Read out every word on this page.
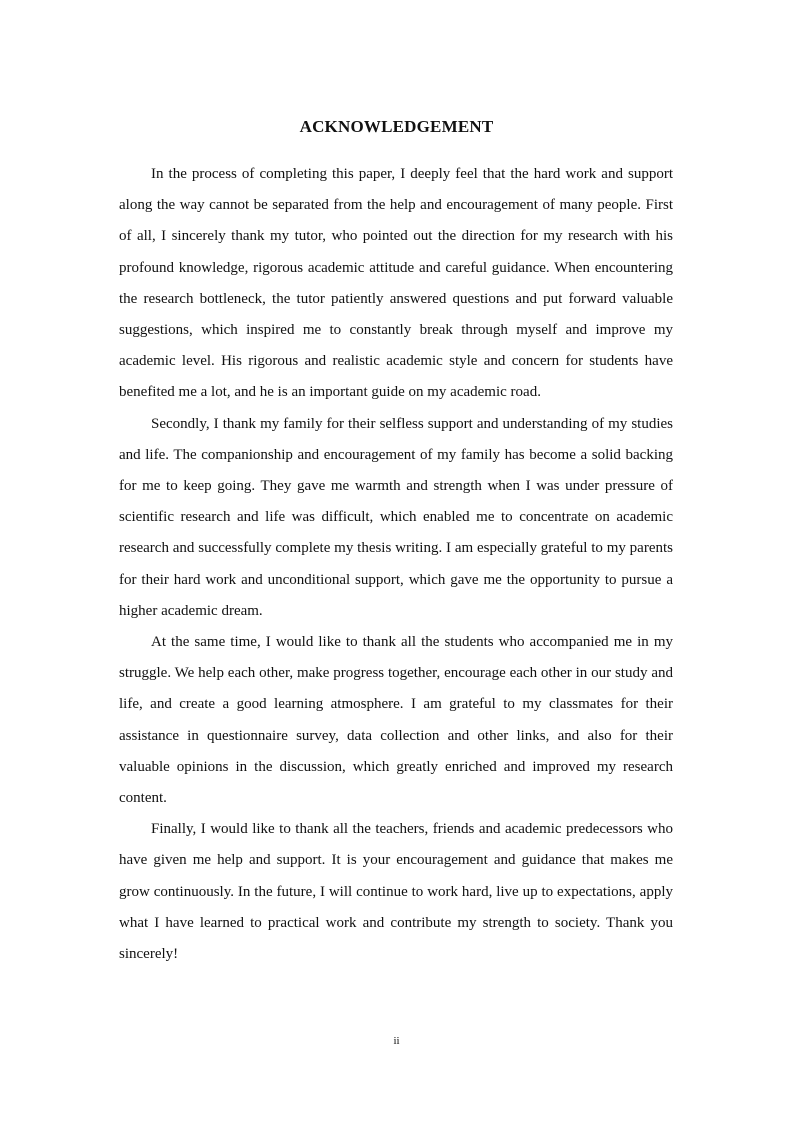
ACKNOWLEDGEMENT

In the process of completing this paper, I deeply feel that the hard work and support along the way cannot be separated from the help and encouragement of many people. First of all, I sincerely thank my tutor, who pointed out the direction for my research with his profound knowledge, rigorous academic attitude and careful guidance. When encountering the research bottleneck, the tutor patiently answered questions and put forward valuable suggestions, which inspired me to constantly break through myself and improve my academic level. His rigorous and realistic academic style and concern for students have benefited me a lot, and he is an important guide on my academic road.

Secondly, I thank my family for their selfless support and understanding of my studies and life. The companionship and encouragement of my family has become a solid backing for me to keep going. They gave me warmth and strength when I was under pressure of scientific research and life was difficult, which enabled me to concentrate on academic research and successfully complete my thesis writing. I am especially grateful to my parents for their hard work and unconditional support, which gave me the opportunity to pursue a higher academic dream.

At the same time, I would like to thank all the students who accompanied me in my struggle. We help each other, make progress together, encourage each other in our study and life, and create a good learning atmosphere. I am grateful to my classmates for their assistance in questionnaire survey, data collection and other links, and also for their valuable opinions in the discussion, which greatly enriched and improved my research content.

Finally, I would like to thank all the teachers, friends and academic predecessors who have given me help and support. It is your encouragement and guidance that makes me grow continuously. In the future, I will continue to work hard, live up to expectations, apply what I have learned to practical work and contribute my strength to society. Thank you sincerely!

ii
